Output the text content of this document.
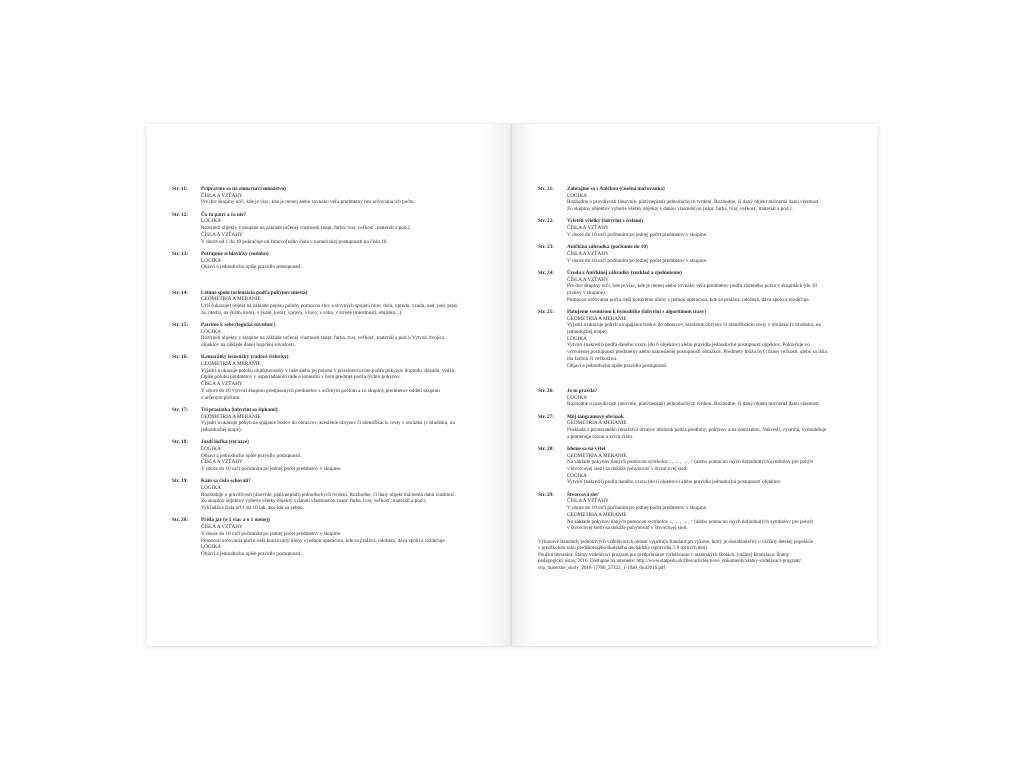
Str. 11:	Pripravme sa na zimu (určí množstvo)
ČÍSLA A VZŤAHY
Pre dve skupiny určí, kde je viac, kde je menej alebo rovnako veľa predmetov bez určovania ich počtu.
Str. 12:	Čo tu patrí a čo nie?
LOGIKA
Roztriedi objekty v skupine na základe určenej vlastnosti (napr. farba, tvar, veľkosť, materiál a pod.).
ČÍSLA A VZŤAHY
V obore od 1 do 10 pokračuje od ľubovoľného čísla v numerickej postupnosti po číslo 10.
Str. 13:	Potrápme si hlavičky (sudoku)
LOGIKA
Objaví a jednoducho opíše pravidlo postupnosti.
Str. 14:	Letíme spolu (orientácia podľa pokynov miesta)
GEOMETRIA A MERANIE
Určí (ukazuje) objekt na základe popisu polohy pomocou slov a slovných spojení hore, dolu, vpredu, vzadu, nad, pod, pred,
za, medzi, na (kom, kom), v (kom, kom), vpravo, vľavo, v rohu, v strede (miestnosti, obrázku...).
Str. 15:	Patrime k sebe (logická súvislosť)
LOGIKA
Roztriedi objekty v skupine na základe určenej vlastnosti (napr. farba, tvar, veľkosť, materiál a pod.). Vytvorí dvojicu
objektov na základe danej logickej súvislosti.
Str. 16:	Kamarátky lesostičky (radové číslovky)
GEOMETRIA A MERANIE
Vyjadri a ukazuje polohu objektu/osoby v rade alebo jej polohu v priestore/rovine podľa pokynov dopredu, dozadu, vedľa
Opíše polohu predmetov v usporiadanom rade a umiestni v ňom predmet podľa týchto pokynov.
ČÍSLA A VZŤAHY
V obore do 10 vytvorí skupinu predpísaných predmetov s určeným počtom a zo skupiny predmetov oddelí skupinu
s určeným počtom.
Str. 17:	Tri prasiatka (labyrint so šípkami)
GEOMETRIA A MERANIE
Vyjadri a ukazuje pohyb na spájanie bodov do obrazcov, kreslenie obrysov či identifikáciu cesty v obrázku (v bludisku, na
jednoduchej mape).
Str. 18:	Jazdí lóďka (reťazce)
LOGIKA
Objaví a jednoducho opíše pravidlo postupnosti.
ČÍSLA A VZŤAHY
V obore do 10 určí počítaním po jednej počet predmetov v skupine.
Str. 19:	Kam sa čísla schovali?
LOGIKA
Rozhoduje o pravdivosti (ánovnie, platí/neplatí) jednoduchých tvrdení. Rozhodne, či daný objekt má/nemá danú vlastnosť.
Zo skupiny objektov vyberie všetky objekty s danou vlastnosťou (napr. farba, tvar, veľkosť, materiál a pod.).
Vyhľadáva čísla od 1 do 10 tak, ako idú za sebou.
Str. 20:	Príšla jar (o 1 viac a o 1 menej)
ČÍSLA A VZŤAHY
V obore do 10 určí počítaním po jednej počet predmetov v skupine.
Pomocou určovania počtu rieši konzovaný úlohy s jednou operáciou, kde sa pridáva, odoberá, dáva spolu a rozdeľuje.
LOGIKA
Objaví a jednoducho opíše pravidlo postupnosti.
Str. 21:	Zahrajme sa s Aničkou (číselná maľovanka)
LOGIKA
Rozhodne o pravdivosti (ánovnie, platí/neplatí) jednoduchých tvrdení. Rozhodne, či daný objekt má/nemá danú vlastnosť.
Zo skupiny objektov vyberie všetky objekty s danou vlastnosťou (napr. farba, tvar, veľkosť, materiál a pod.).
Str. 22:	Vyletelí včielky (labyrint s číslami)
ČÍSLA A VZŤAHY
V obore do 10 určí počítaním po jednej počet predmetov v skupine.
Str. 23:	Aničkina záhradka (počítanie do 10)
ČÍSLA A VZŤAHY
V obore do 10 určí počítaním po jednej počet predmetov v skupine.
Str. 24:	Úroda z Aničkinej záhradky (rozklad a zjednotenie)
ČÍSLA A VZŤAHY
Pre dve skupiny určí, kde je viac, kde je menej alebo rovnako veľa predmetov podľa zisteného počtu v skupinách (do 10
prvkov v skupine).
Pomocou určovania počtu rieši konkrétne úlohy s jednou operáciou, kde sa pridáva, odoberá, dáva spolu a rozdeľuje.
Str. 25:	Putujeme vesmírom k hviezdičke (labyrint s algoritmom trasy)
GEOMETRIA A MERANIE
Vyjadri a ukazuje pohyb na spájanie bodov do obrazcov, kreslenie obrysov či identifikáciu cesty v obrázku (v bludisku, na
jednoduchej mape).
LOGIKA
Vytvorí (nakreslí) podľa daného vzoru (do 6 objektov) alebo pravidla jednoduchú postupnosť objektov. Pokračuje vo
vytvorenej postupnosti predmetov alebo nakreslenej postupnosti obrázkov. Predmety môžu byť rôznej veľkosti, alebo sa líšia
iba farbou či veľkosťou.
Objaví a jednoducho opíše pravidlo postupnosti.
Str. 26:	Je to pravda?
LOGIKA
Rozhodne o pravdivosti (ánovnie, platí/neplatí) jednoduchých tvrdení. Rozhodne, či daný objekt má/nemá danú vlastnosť.
Str. 27:	Môj tangramový obrázok
GEOMETRIA A MERANIE
Poskladá z primeraného množstva útvarov obrázok podľa predlohy, pokynov a na danú tému. Nakreslí, vystrihá, vymodeluje
a pomenuje rovnú a krivú čiaru.
Str. 28:	Ideme sa na výlet
GEOMETRIA A MERANIE
Na základe pokynov daných pomocou symbolov ↓, ←, →, ↑ (alebo pomocou iných dohodnutých symbolov pre pohyb
v štvorcovej sieti) sa dokáže pohybovať v štvorcovej sieti.
LOGIKA
Vytvorí (nakreslí) podľa daného vzoru (do 6 objektov) alebo pravidla jednoduchú postupnosť objektov.
Str. 29:	Štvorcová sieť
ČÍSLA A VZŤAHY
V obore do 10 určí počítaním po jednej počet predmetov v skupine.
GEOMETRIA A MERANIE
Na základe pokynov daných pomocou symbolov ↓, ←, →, ↑ (alebo pomocou iných dohodnutých symbolov pre pohyb
v štvorcovej sieti) sa dokáže pohybovať v štvorcovej sieti.
Výkonové štandardy jednotlivých vzdelávacích oblastí vyjadrujú štandard pri výkone, ktorý je dosiahnuteľný u väčšiny detskej populácie
v predškolom roku predškolského školského dochádzky (spravidla 5-6 ročných detí).
Použitá literatúra: Štátny vzdelávací program pre predprimárne vzdelávanie v materských školách. [online] Bratislava: Štátny
pedagogický ústav, 2016. Dostupné na internete: http://www.statpedu.sk/files/articles/nove_dokumenty/statny-vzdelavaci-program/
svp_materske_skoly_2016-17780_27322_1-10a0_6jul2016.pdf
